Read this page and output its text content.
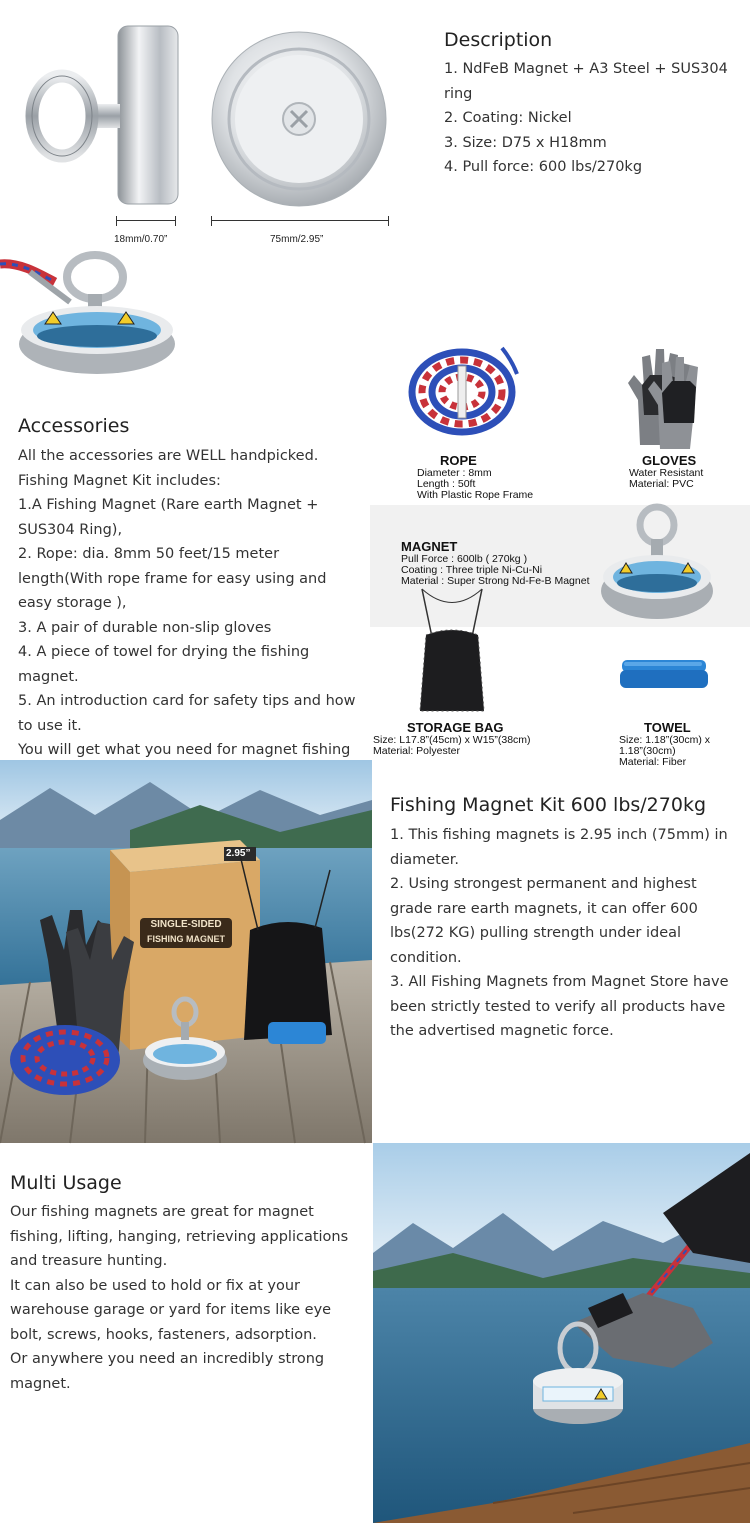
18mm/0.70”	75mm/2.95”
Description
1. NdFeB Magnet + A3 Steel + SUS304 ring
2. Coating: Nickel
3. Size: D75 x H18mm
4. Pull force: 600 lbs/270kg
Accessories
All the accessories are WELL handpicked.
Fishing Magnet Kit includes:
1.A Fishing Magnet (Rare earth Magnet + SUS304 Ring),
2. Rope: dia. 8mm 50 feet/15 meter length(With rope frame for easy using and easy storage ),
3. A pair of durable non-slip gloves
4. A piece of towel for drying the fishing magnet.
5. An introduction card for safety tips and how to use it.
You will get what you need for magnet fishing
ROPE
Diameter : 8mm
Length : 50ft
With Plastic Rope Frame
GLOVES
Water Resistant
Material: PVC
MAGNET
Pull Force : 600lb ( 270kg )
Coating : Three triple Ni-Cu-Ni
Material : Super Strong Nd-Fe-B Magnet
STORAGE BAG
Size: L17.8”(45cm) x W15”(38cm)
Material: Polyester
TOWEL
Size: 1.18”(30cm) x 1.18”(30cm)
Material: Fiber
2.95”
SINGLE-SIDED
FISHING MAGNET
Fishing Magnet Kit 600 lbs/270kg
1. This fishing magnets is 2.95 inch (75mm) in diameter.
2. Using strongest permanent and highest grade rare earth magnets, it can offer 600 lbs(272 KG) pulling strength under ideal condition.
3. All Fishing Magnets from Magnet Store have been strictly tested to verify all products have the advertised magnetic force.
Multi Usage
Our fishing magnets are great for magnet fishing, lifting, hanging, retrieving applications and treasure hunting.
It can also be used to hold or fix at your warehouse garage or yard for items like eye bolt, screws, hooks, fasteners, adsorption.
Or anywhere you need an incredibly strong magnet.
